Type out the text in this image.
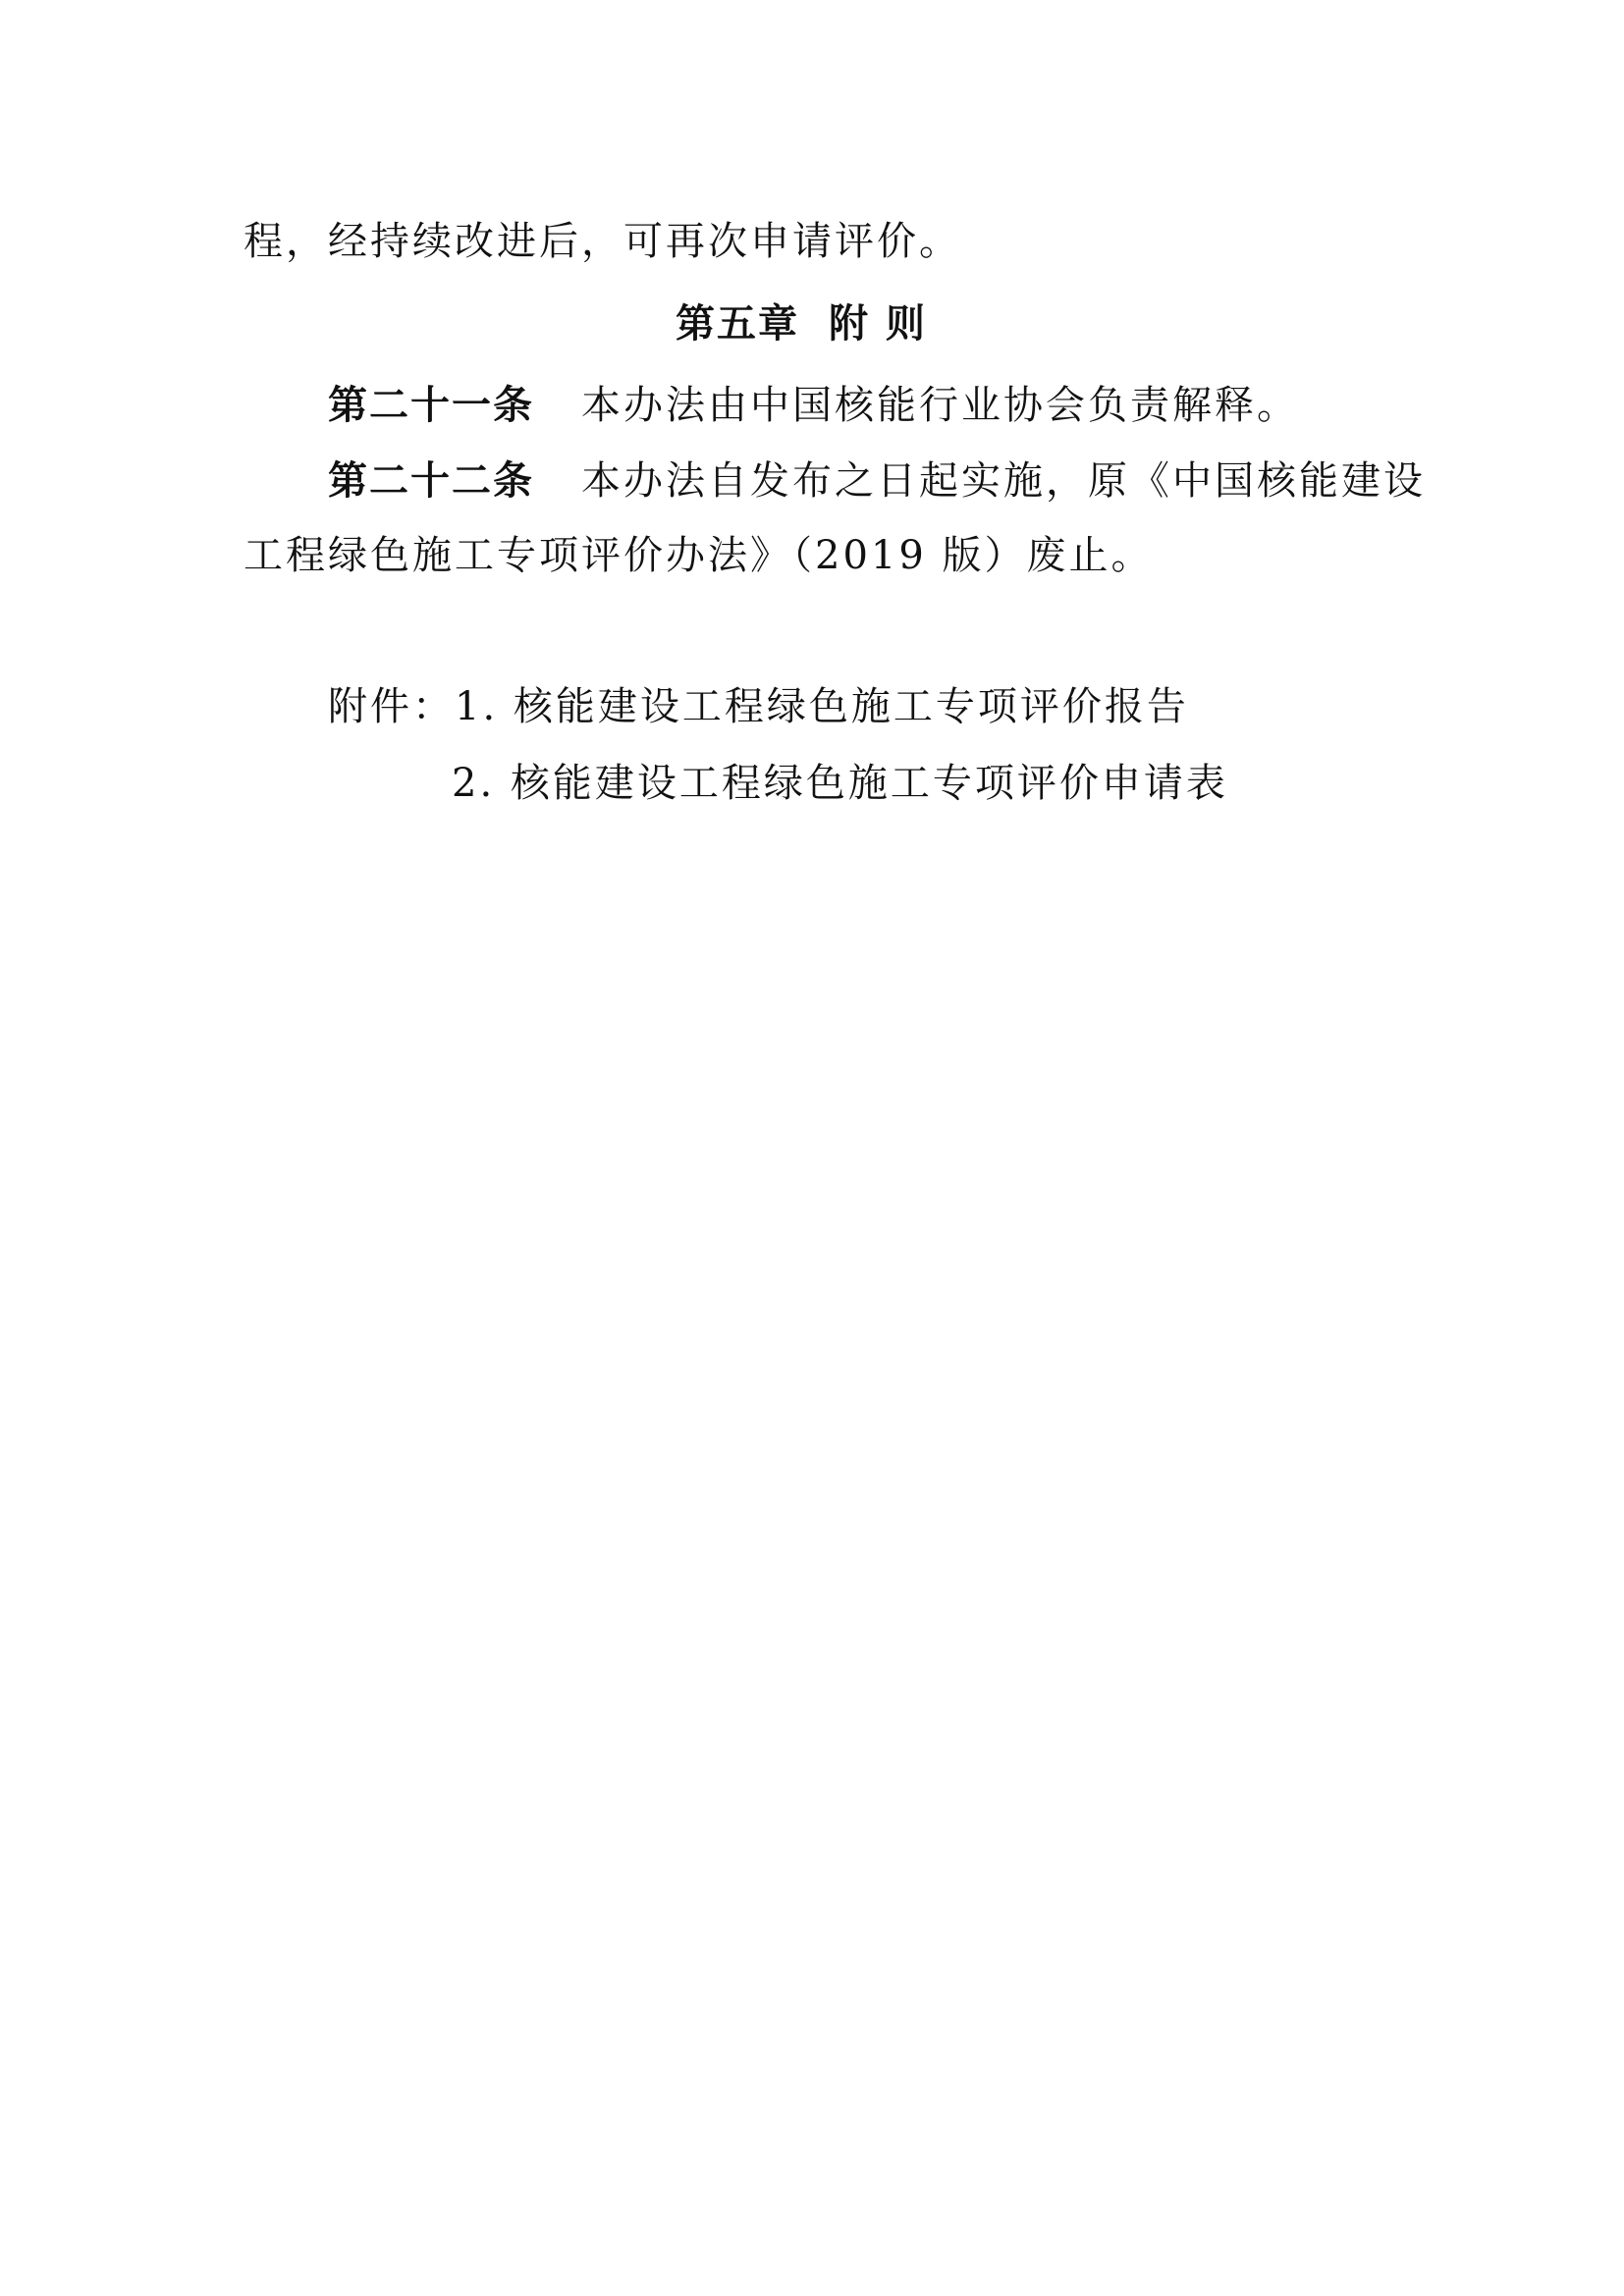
程，经持续改进后，可再次申请评价。
第五章 附 则
第二十一条 本办法由中国核能行业协会负责解释。
第二十二条 本办法自发布之日起实施，原《中国核能建设
工程绿色施工专项评价办法》（2019 版）废止。
附件：1. 核能建设工程绿色施工专项评价报告
2. 核能建设工程绿色施工专项评价申请表
